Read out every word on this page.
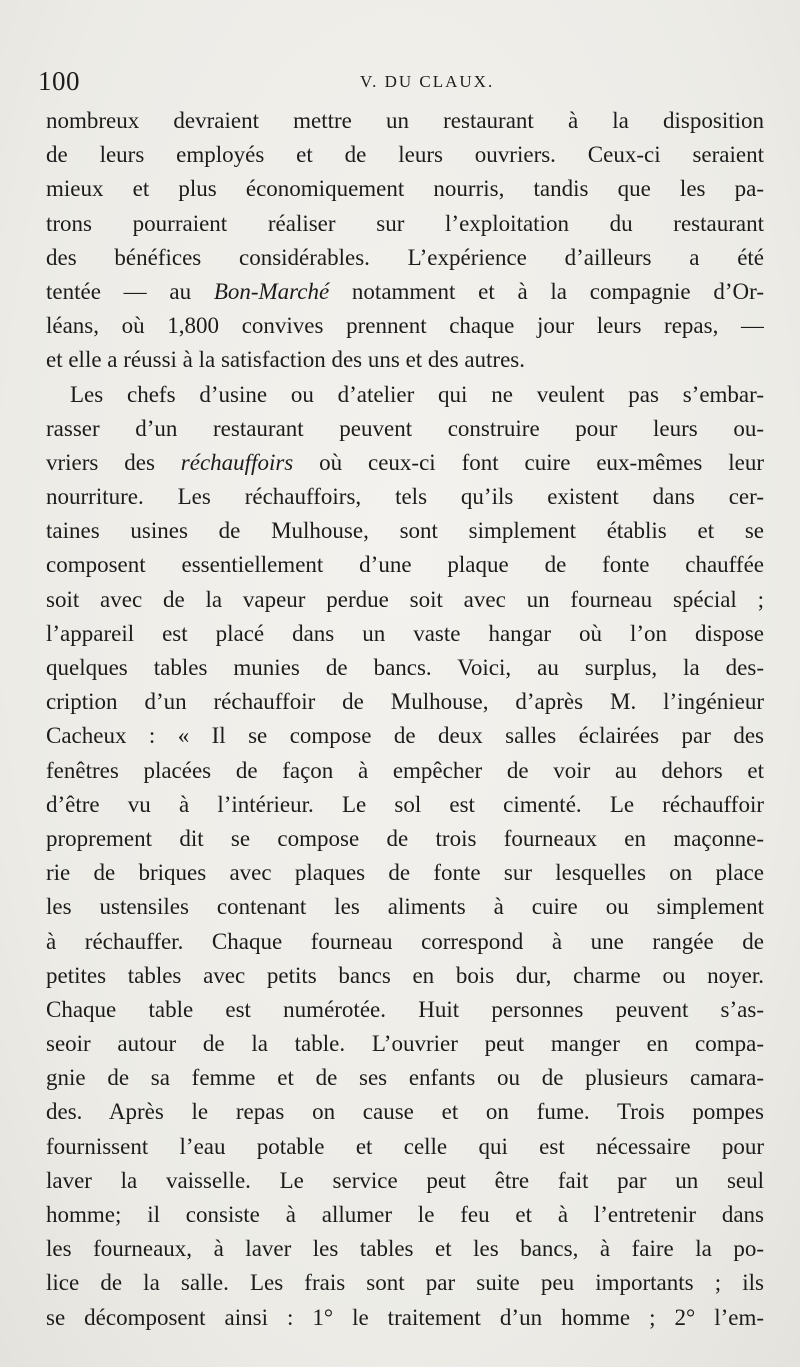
100	V. DU CLAUX.
nombreux devraient mettre un restaurant à la disposition
de leurs employés et de leurs ouvriers. Ceux-ci seraient
mieux et plus économiquement nourris, tandis que les pa-
trons pourraient réaliser sur l’exploitation du restaurant
des bénéfices considérables. L’expérience d’ailleurs a été
tentée — au Bon-Marché notamment et à la compagnie d’Or-
léans, où 1,800 convives prennent chaque jour leurs repas, —
et elle a réussi à la satisfaction des uns et des autres.
Les chefs d’usine ou d’atelier qui ne veulent pas s’embar-
rasser d’un restaurant peuvent construire pour leurs ou-
vriers des réchauffoirs où ceux-ci font cuire eux-mêmes leur
nourriture. Les réchauffoirs, tels qu’ils existent dans cer-
taines usines de Mulhouse, sont simplement établis et se
composent essentiellement d’une plaque de fonte chauffée
soit avec de la vapeur perdue soit avec un fourneau spécial ;
l’appareil est placé dans un vaste hangar où l’on dispose
quelques tables munies de bancs. Voici, au surplus, la des-
cription d’un réchauffoir de Mulhouse, d’après M. l’ingénieur
Cacheux : « Il se compose de deux salles éclairées par des
fenêtres placées de façon à empêcher de voir au dehors et
d’être vu à l’intérieur. Le sol est cimenté. Le réchauffoir
proprement dit se compose de trois fourneaux en maçonne-
rie de briques avec plaques de fonte sur lesquelles on place
les ustensiles contenant les aliments à cuire ou simplement
à réchauffer. Chaque fourneau correspond à une rangée de
petites tables avec petits bancs en bois dur, charme ou noyer.
Chaque table est numérotée. Huit personnes peuvent s’as-
seoir autour de la table. L’ouvrier peut manger en compa-
gnie de sa femme et de ses enfants ou de plusieurs camara-
des. Après le repas on cause et on fume. Trois pompes
fournissent l’eau potable et celle qui est nécessaire pour
laver la vaisselle. Le service peut être fait par un seul
homme; il consiste à allumer le feu et à l’entretenir dans
les fourneaux, à laver les tables et les bancs, à faire la po-
lice de la salle. Les frais sont par suite peu importants ; ils
se décomposent ainsi : 1° le traitement d’un homme ; 2° l’em-
